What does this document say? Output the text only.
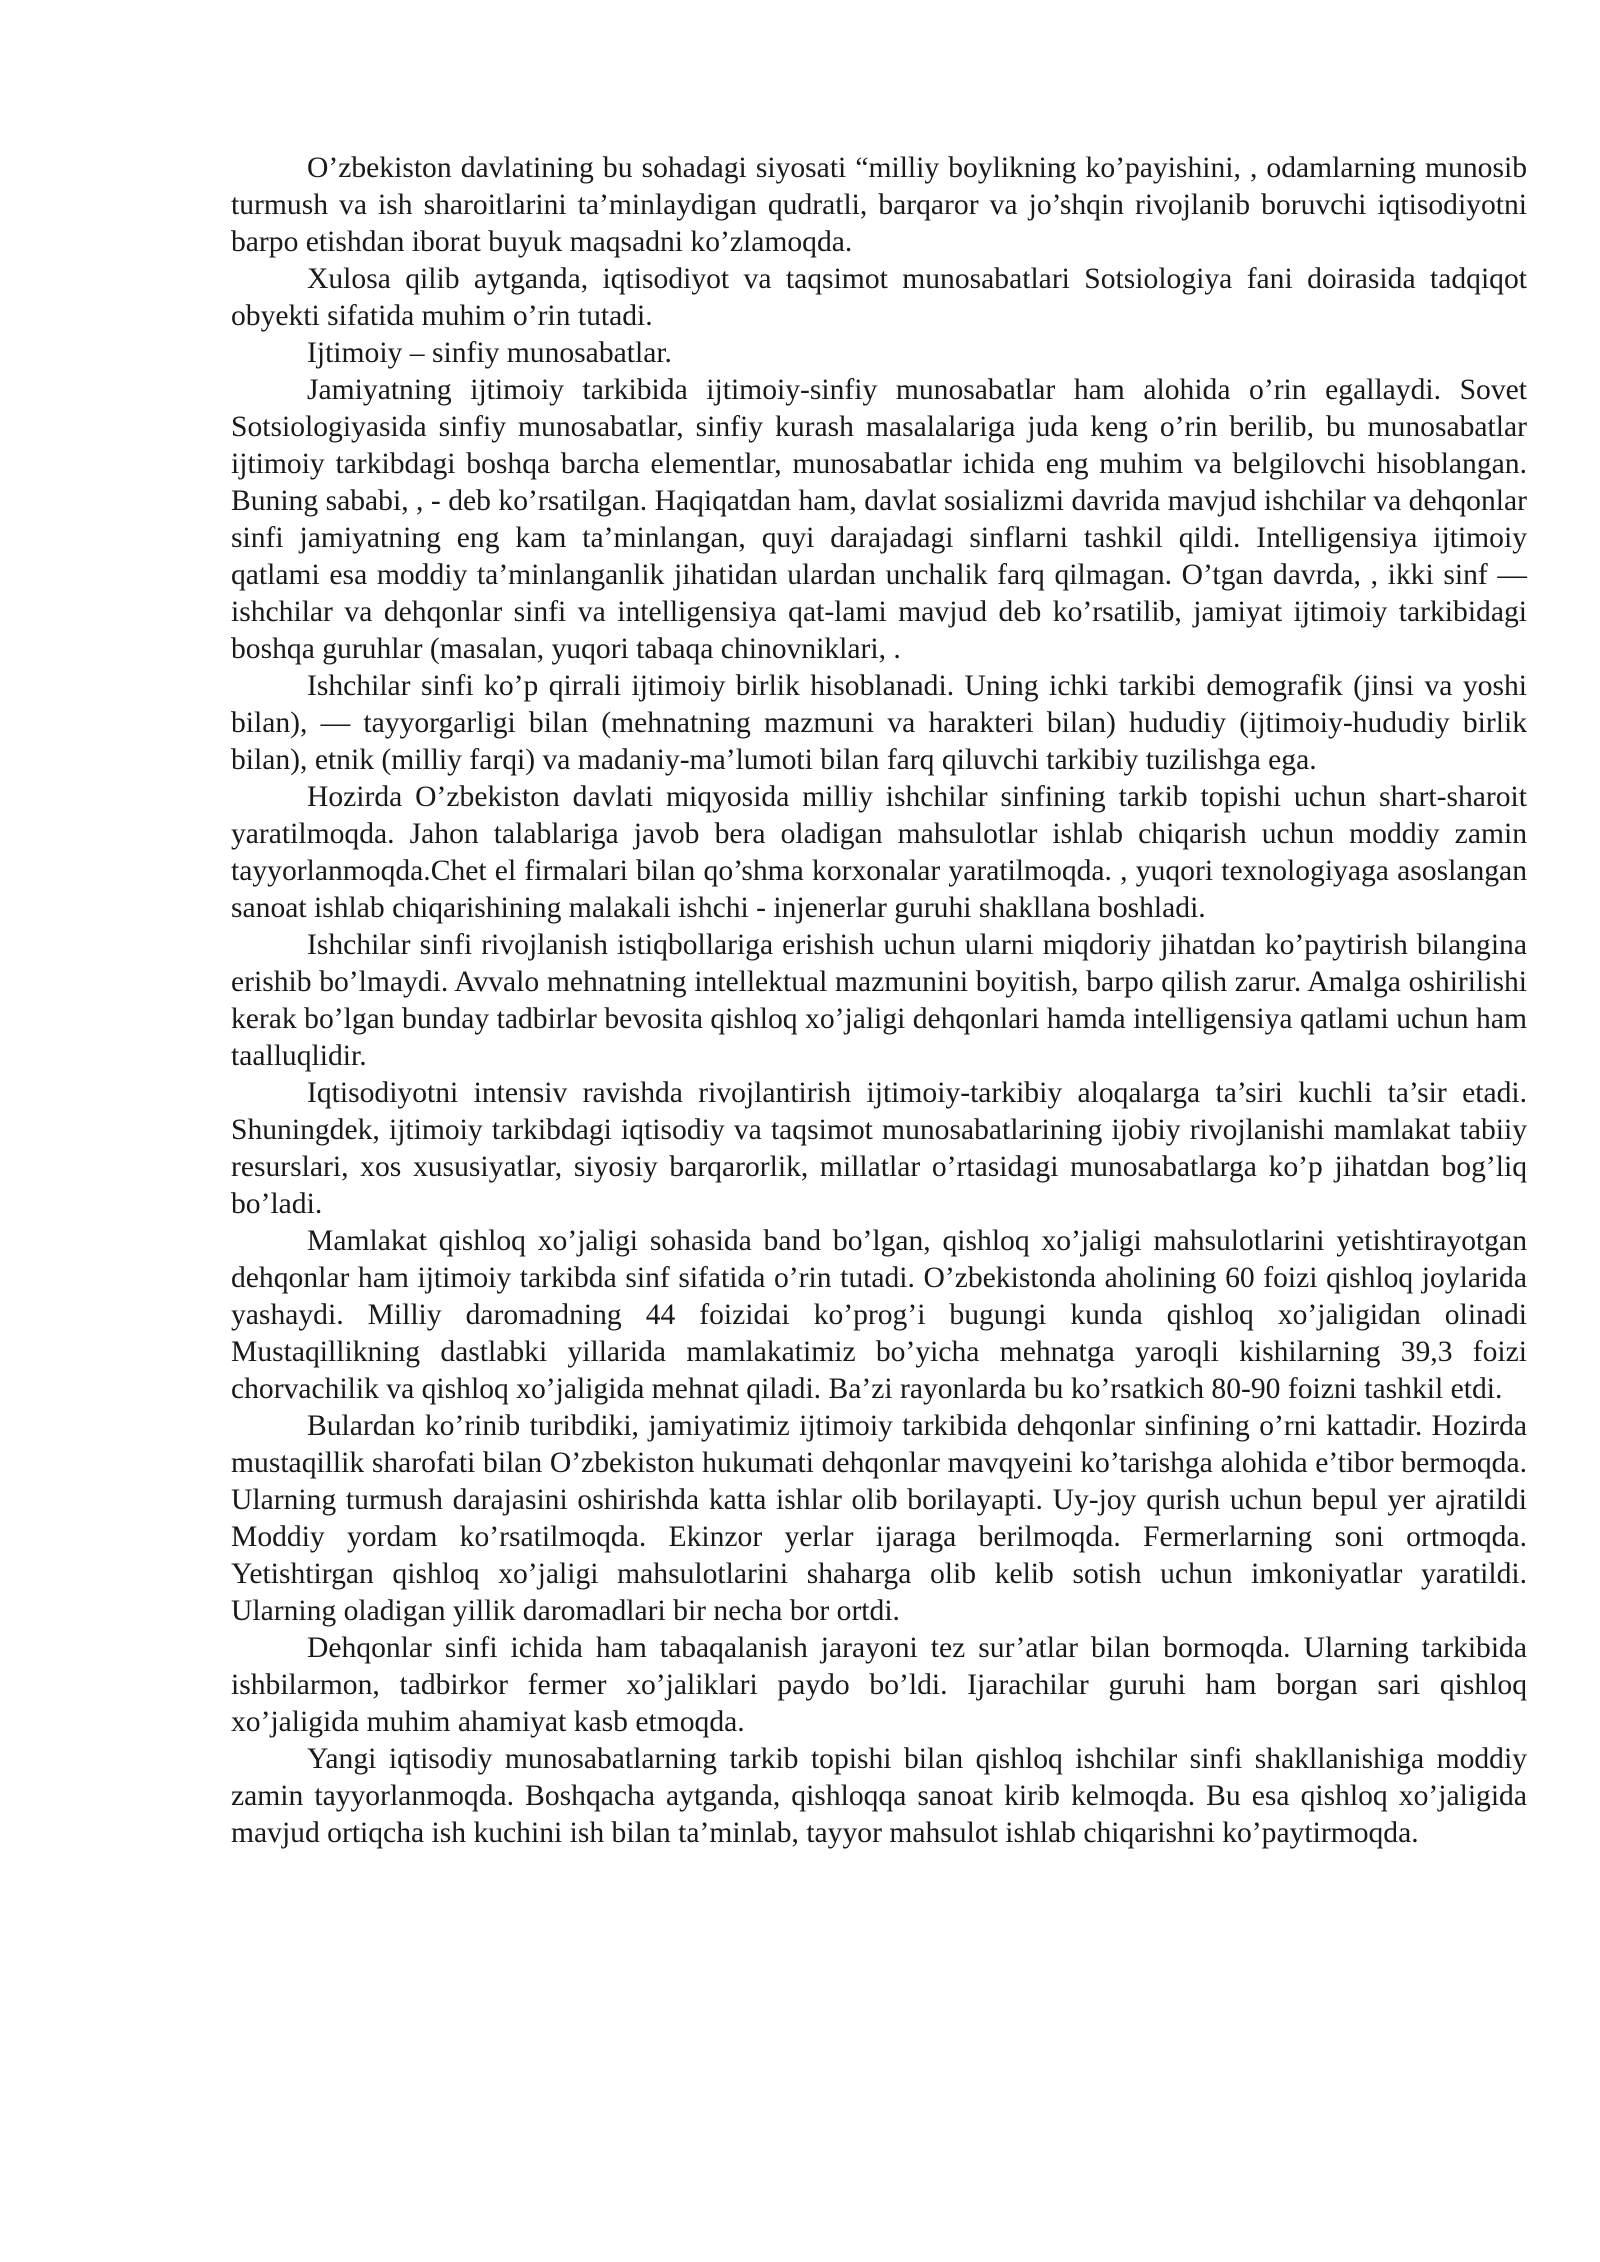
O’zbekiston davlatining bu sohadagi siyosati “milliy boylikning ko’payishini, , odamlarning munosib turmush va ish sharoitlarini ta’minlaydigan qudratli, barqaror va jo’shqin rivojlanib boruvchi iqtisodiyotni barpo etishdan iborat buyuk maqsadni ko’zlamoqda.

Xulosa qilib aytganda, iqtisodiyot va taqsimot munosabatlari Sotsiologiya fani doirasida tadqiqot obyekti sifatida muhim o’rin tutadi.

Ijtimoiy – sinfiy munosabatlar.

Jamiyatning ijtimoiy tarkibida ijtimoiy-sinfiy munosabatlar ham alohida o’rin egallaydi. Sovet Sotsiologiyasida sinfiy munosabatlar, sinfiy kurash masalalariga juda keng o’rin berilib, bu munosabatlar ijtimoiy tarkibdagi boshqa barcha elementlar, munosabatlar ichida eng muhim va belgilovchi hisoblangan. Buning sababi, , - deb ko’rsatilgan. Haqiqatdan ham, davlat sosializmi davrida mavjud ishchilar va dehqonlar sinfi jamiyatning eng kam ta’minlangan, quyi darajadagi sinflarni tashkil qildi. Intelligensiya ijtimoiy qatlami esa moddiy ta’minlanganlik jihatidan ulardan unchalik farq qilmagan. O’tgan davrda, , ikki sinf — ishchilar va dehqonlar sinfi va intelligensiya qat-lami mavjud deb ko’rsatilib, jamiyat ijtimoiy tarkibidagi boshqa guruhlar (masalan, yuqori tabaqa chinovniklari, .

Ishchilar sinfi ko’p qirrali ijtimoiy birlik hisoblanadi. Uning ichki tarkibi demografik (jinsi va yoshi bilan), — tayyorgarligi bilan (mehnatning mazmuni va harakteri bilan) hududiy (ijtimoiy-hududiy birlik bilan), etnik (milliy farqi) va madaniy-ma’lumoti bilan farq qiluvchi tarkibiy tuzilishga ega.

Hozirda O’zbekiston davlati miqyosida milliy ishchilar sinfining tarkib topishi uchun shart-sharoit yaratilmoqda. Jahon talablariga javob bera oladigan mahsulotlar ishlab chiqarish uchun moddiy zamin tayyorlanmoqda.Chet el firmalari bilan qo’shma korxonalar yaratilmoqda. , yuqori texnologiyaga asoslangan sanoat ishlab chiqarishining malakali ishchi - injenerlar guruhi shakllana boshladi.

Ishchilar sinfi rivojlanish istiqbollariga erishish uchun ularni miqdoriy jihatdan ko’paytirish bilangina erishib bo’lmaydi. Avvalo mehnatning intellektual mazmunini boyitish, barpo qilish zarur. Amalga oshirilishi kerak bo’lgan bunday tadbirlar bevosita qishloq xo’jaligi dehqonlari hamda intelligensiya qatlami uchun ham taalluqlidir.

Iqtisodiyotni intensiv ravishda rivojlantirish ijtimoiy-tarkibiy aloqalarga ta’siri kuchli ta’sir etadi. Shuningdek, ijtimoiy tarkibdagi iqtisodiy va taqsimot munosabatlarining ijobiy rivojlanishi mamlakat tabiiy resurslari, xos xususiyatlar, siyosiy barqarorlik, millatlar o’rtasidagi munosabatlarga ko’p jihatdan bog’liq bo’ladi.

Mamlakat qishloq xo’jaligi sohasida band bo’lgan, qishloq xo’jaligi mahsulotlarini yetishtirayotgan dehqonlar ham ijtimoiy tarkibda sinf sifatida o’rin tutadi. O’zbekistonda aholining 60 foizi qishloq joylarida yashaydi. Milliy daromadning 44 foizidai ko’prog’i bugungi kunda qishloq xo’jaligidan olinadi Mustaqillikning dastlabki yillarida mamlakatimiz bo’yicha mehnatga yaroqli kishilarning 39,3 foizi chorvachilik va qishloq xo’jaligida mehnat qiladi. Ba’zi rayonlarda bu ko’rsatkich 80-90 foizni tashkil etdi.

Bulardan ko’rinib turibdiki, jamiyatimiz ijtimoiy tarkibida dehqonlar sinfining o’rni kattadir. Hozirda mustaqillik sharofati bilan O’zbekiston hukumati dehqonlar mavqyeini ko’tarishga alohida e’tibor bermoqda. Ularning turmush darajasini oshirishda katta ishlar olib borilayapti. Uy-joy qurish uchun bepul yer ajratildi Moddiy yordam ko’rsatilmoqda. Ekinzor yerlar ijaraga berilmoqda. Fermerlarning soni ortmoqda. Yetishtirgan qishloq xo’jaligi mahsulotlarini shaharga olib kelib sotish uchun imkoniyatlar yaratildi. Ularning oladigan yillik daromadlari bir necha bor ortdi.

Dehqonlar sinfi ichida ham tabaqalanish jarayoni tez sur’atlar bilan bormoqda. Ularning tarkibida ishbilarmon, tadbirkor fermer xo’jaliklari paydo bo’ldi. Ijarachilar guruhi ham borgan sari qishloq xo’jaligida muhim ahamiyat kasb etmoqda.

Yangi iqtisodiy munosabatlarning tarkib topishi bilan qishloq ishchilar sinfi shakllanishiga moddiy zamin tayyorlanmoqda. Boshqacha aytganda, qishloqqa sanoat kirib kelmoqda. Bu esa qishloq xo’jaligida mavjud ortiqcha ish kuchini ish bilan ta’minlab, tayyor mahsulot ishlab chiqarishni ko’paytirmoqda.
